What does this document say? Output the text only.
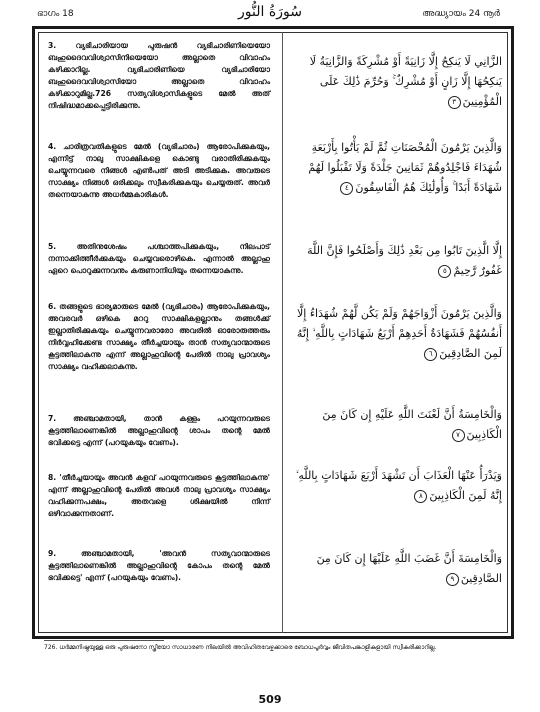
ഭാഗം 18	سُورَةُ النُّور	അദ്ധ്യായം 24 നൂർ

3. വ്യഭിചാരിയായ പുരുഷൻ വ്യഭിചാരിണിയെയോ ബഹുദൈവവിശ്വാസിനിയെയോ അല്ലാതെ വിവാഹം കഴിക്കാറില്ല. വ്യഭിചാരിണിയെ വ്യഭിചാരിയോ ബഹുദൈവവിശ്വാസിയോ അല്ലാതെ വിവാഹം കഴിക്കാറുമില്ല.726 സത്യവിശ്വാസികളുടെ മേൽ അത് നിഷിദ്ധമാക്കപ്പെട്ടിരിക്കുന്നു.

4. ചാരിത്രവതികളുടെ മേൽ (വ്യഭിചാരം) ആരോപിക്കുകയും, എന്നിട്ട് നാലു സാക്ഷികളെ കൊണ്ടു വരാതിരിക്കുകയും ചെയ്യുന്നവരെ നിങ്ങൾ എൺപത് അടി അടിക്കുക. അവരുടെ സാക്ഷ്യം നിങ്ങൾ ഒരിക്കലും സ്വീകരിക്കുകയും ചെയ്യരുത്. അവർ തന്നെയാകുന്നു അധർമ്മകാരികൾ.

5. അതിനുശേഷം പശ്ചാത്തപിക്കുകയും, നിലപാട് നന്നാക്കിത്തീർക്കുകയും ചെയ്യവരൊഴികെ. എന്നാൽ അല്ലാഹു ഏറെ പൊറുക്കുന്നവനും കരുണാനിധിയും തന്നെയാകുന്നു.

6. തങ്ങളുടെ ഭാര്യമാരുടെ മേൽ (വ്യഭിചാരം) ആരോപിക്കുകയും, അവരവർ ഒഴികെ മററു സാക്ഷികളല്ലാനും തങ്ങൾക്ക് ഇല്ലാതിരിക്കുകയും ചെയ്യുന്നവരാരോ അവരിൽ ഓരോരുത്തരും നിർവ്വഹിക്കേണ്ട സാക്ഷ്യം തീർച്ചയായും താൻ സത്യവാന്മാരുടെ കൂട്ടത്തിലാകുന്നു എന്ന് അല്ലാഹുവിന്റെ പേരിൽ നാലു പ്രാവശ്യം സാക്ഷ്യം വഹിക്കലാകുന്നു.

7. അഞ്ചാമതായി, താൻ കള്ളം പറയുന്നവരുടെ കൂട്ടത്തിലാണെങ്കിൽ അല്ലാഹുവിന്റെ ശാപം തന്റെ മേൽ ഭവിക്കട്ടെ എന്ന് (പറയുകയും വേണം).

8. 'തീർച്ചയായും അവൻ കളവ് പറയുന്നവരുടെ കൂട്ടത്തിലാകുന്നു' എന്ന് അല്ലാഹുവിന്റെ പേരിൽ അവൾ നാലു പ്രാവശ്യം സാക്ഷ്യം വഹിക്കുന്നപക്ഷം, അതവളെ ശിക്ഷയിൽ നിന്ന് ഒഴിവാക്കുന്നതാണ്.

9. അഞ്ചാമതായി, 'അവൻ സത്യവാന്മാരുടെ കൂട്ടത്തിലാണെങ്കിൽ അല്ലാഹുവിന്റെ കോപം തന്റെ മേൽ ഭവിക്കട്ടെ' എന്ന് (പറയുകയും വേണം).

الزَّانِي لَا يَنكِحُ إِلَّا زَانِيَةً أَوْ مُشْرِكَةً وَالزَّانِيَةُ لَا يَنكِحُهَا إِلَّا زَانٍ أَوْ مُشْرِكٌ ۚ وَحُرِّمَ ذَٰلِكَ عَلَى الْمُؤْمِنِينَ٣

وَالَّذِينَ يَرْمُونَ الْمُحْصَنَاتِ ثُمَّ لَمْ يَأْتُوا بِأَرْبَعَةِ شُهَدَاءَ فَاجْلِدُوهُمْ ثَمَانِينَ جَلْدَةً وَلَا تَقْبَلُوا لَهُمْ شَهَادَةً أَبَدًا ۚ وَأُولَٰئِكَ هُمُ الْفَاسِقُونَ٤

إِلَّا الَّذِينَ تَابُوا مِن بَعْدِ ذَٰلِكَ وَأَصْلَحُوا فَإِنَّ اللَّهَ غَفُورٌ رَّحِيمٌ٥

وَالَّذِينَ يَرْمُونَ أَزْوَاجَهُمْ وَلَمْ يَكُن لَّهُمْ شُهَدَاءُ إِلَّا أَنفُسُهُمْ فَشَهَادَةُ أَحَدِهِمْ أَرْبَعُ شَهَادَاتٍ بِاللَّهِ ۙ إِنَّهُ لَمِنَ الصَّادِقِينَ٦

وَالْخَامِسَةُ أَنَّ لَعْنَتَ اللَّهِ عَلَيْهِ إِن كَانَ مِنَ الْكَاذِبِينَ٧

وَيَدْرَأُ عَنْهَا الْعَذَابَ أَن تَشْهَدَ أَرْبَعَ شَهَادَاتٍ بِاللَّهِ ۙ إِنَّهُ لَمِنَ الْكَاذِبِينَ٨

وَالْخَامِسَةَ أَنَّ غَضَبَ اللَّهِ عَلَيْهَا إِن كَانَ مِنَ الصَّادِقِينَ٩

726. ധർമ്മനിഷ്ഠയുള്ള ഒരു പുരുഷനോ സ്ത്രീയോ സാധാരണ നിലയിൽ അവിഹിതവേഴ്ചക്കാരെ ബോധപൂർവ്വം ജീവിതപങ്കാളികളായി സ്വീകരിക്കാറില്ല.

509
